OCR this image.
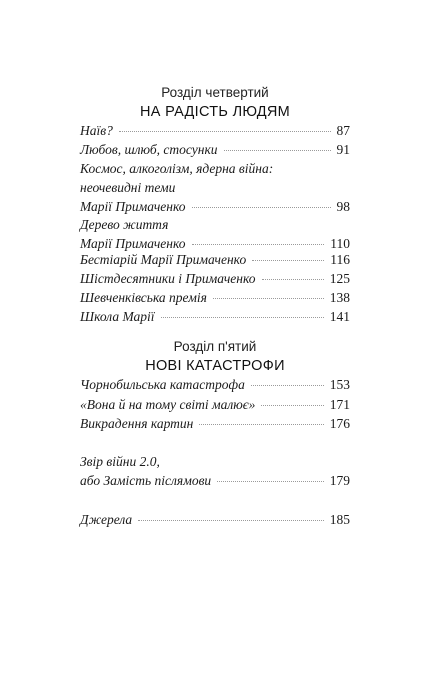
Розділ четвертий
НА РАДІСТЬ ЛЮДЯМ
Наїв?	87
Любов, шлюб, стосунки	91
Космос, алкоголізм, ядерна війна:
неочевидні теми
Марії Примаченко	98
Дерево життя
Марії Примаченко	110
Бестіарій Марії Примаченко	116
Шістдесятники і Примаченко	125
Шевченківська премія	138
Школа Марії	141
Розділ п'ятий
НОВІ КАТАСТРОФИ
Чорнобильська катастрофа	153
«Вона й на тому світі малює»	171
Викрадення картин	176
Звір війни 2.0,
або Замість післямови	179
Джерела	185
